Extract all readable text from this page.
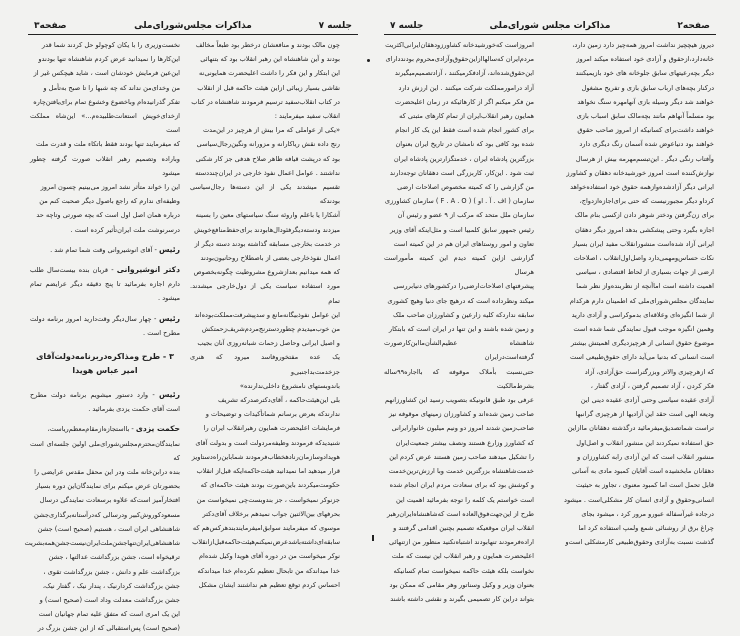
صفحه۳	مذاکرات مجلس‌شورای‌ملی	جلسه ۷

چون مالک بودند و منافعشان درخطر بود طبعاً مخالف

بودند و آین شاهنشاه این رهبر انقلاب بود که بتنهائی

این ابتکار و این فکر را داشت اعلیحضرت همایونی‌نه

نقاشی بسیار زیبائی ازاین هیئت حاکمه قبل از انقلاب

در کتاب انقلاب‌سفید ترسیم فرمودند شاهنشاه در کتاب

انقلاب سفید میفرمایند :

«یکی از عواملی که مرا بیش از هرچیز در این‌مدت

رنج داده نقش ریاکارانه و مزورانه ونگین‌رجال‌سیاسی

بود که درپشت قیافه ظاهر صلاح هدفی جز کار شکنی

نداشتند . عوامل اعمال نفوذ خارجی در ایران‌چنددسته

تقسیم میشدند یکی از این دسته‌ها رجال‌سیاسی بودندکه

آشکارا یا باعلم واروئه سنگ سیاستهای معین را بسینه

میزدند ودسته‌دیگرفئودال‌هابودند برای‌حفظ‌منافع‌خویش

در خدمت بخارجی مسابقه گذاشته بودند دسته دیگر از

اعمال نفوذخارجی بعضی از باصطلاح روحانیون‌بودند

که همه میدانیم بعدازشروع مشروطیت چگونه‌بخصوص

مورد استفاده سیاست یکی از دول‌خارجی میشدند. تمام

این عوامل نفوذبیگانه‌مانع و سدپیشرفت‌مملکت‌بوده‌اند

من خوب‌میدیدم چطوردسترنج‌مردم‌شریف‌زحمتکش

و اصیل ایرانی وحاصل زحمات شبانه‌روزی آنان بجیب

یک عده مفتخوروفاسد میرود که هنری جزخدمت‌بداجنبی‌و

باندوبستهای نامشروع داخلی‌ندارنده»

بلی این‌هیئت‌حاکمه ، آقای‌دکترصدرکه تشریف

ندارندکه بعرض برسانم شما‌تأکیدات و توضیحات و

فرمایشات اعلیحضرت همایون رهبرانقلاب ایران را

شنیدیدکه فرمودند وظیفه‌مردولت است و بدولت آقای

هویدادوسازمان‌رنادهخطاب‌فرمودند شماباین‌راه‌دستاویز

قرار میدهید اما نمیدانید هیئت‌حاکمه‌ایکه قبل‌از انقلاب

حکومت‌میکردند باین‌صورت بودند هیئت حاکمه‌ای که

جزنوکر نمیخواست ، جز بندوبست‌چی نمیخواست من

بحرفهای بین‌الاثنین جواب نمیدهم برخلاف آقای‌دکتر

موسوی که میفرمایند سوابق‌امیفرمایندبندهرکس‌هم که

سابقه‌ای‌داشته‌باشدعرض‌نمیکنم‌هیئت‌حاکمه‌قبل‌ازانقلاب

نوکر میخواست من در دوره آقای هویدا وکیل شده‌ام

خدا میداندکه من تابحال تعظیم نکرده‌ام خدا میداندکه

احساس کردم توقع تعظیم هم نداشتند ایشان مشکل

نخست‌وزیری را با یکان کوچولو حل کردند شما قدر

این‌کارها را نمیدانید عرض کردم شاهنشاه تنها بودندو

این‌عین فرمایش خودشان است ، شاید هیچکس غیر از

من وخدای‌من نداند که چه شبها را تا صبح به‌تأمل و

تفکر گذرانیده‌ام وباخضوع وخشوع تمام برای‌یافتن‌چاره

ازخدای‌خویش استعانت‌طلبیده‌م...» این‌شاه مملکت است

که میفرمایند تنها بودند فقط باتکاء ملت و قدرت ملت

وباراده وتصمیم رهبر انقلاب صورت گرفته چطور میشود

این را خواند متأثر نشد امروز می‌بینیم چسون امروز

وظیفه‌ای ندارم که راجع باصول دیگر صحبت کنم من

درباره همان اصل اول است که بچه صورتی وتاچه حد

درسرنوشت ملت ایران‌تأثیر کرده است .

رئیس - آقای انوشیروانی وقت شما تمام شد .

دکتر انوشیروانی - قربان بنده بیست‌سال طلب دارم اجازه بفرمائید تا پنج دقیقه دیگر عرایضم تمام میشود .

رئیس - چهار سال‌دیگر وقت‌دارید امروز برنامه دولت مطرح است .

۳ - طرح ومذاکره‌دربرنامه‌دولت‌آقای
امیر عباس هویدا

رئیس - وارد دستور میشویم برنامه دولت مطرح است آقای حکمت یزدی بفرمائید .

حکمت یزدی - بااستجازه‌ازمقام‌معظم‌ریاست،

نمایندگان‌محترم‌مجلس‌شورای‌ملی اولین جلسه‌ای است که

بنده درابن‌خانه ملت ودر این محفل مقدس عرایضی را

بحضورتان عرض میکنم برای نمایندگان‌این دوره بسیار

افتخارآمیز است‌که علاوه برسعادت نمایندگی درسال

مسعودکوروش‌کبیر ودرسالی که‌درآستانه‌برگذاری‌جشن

شاهنشاهی ایران است ، هستیم (صحیح است) جشن

شاهنشاهی‌ایران‌تنهاجشن‌ملت‌ایران‌نیست‌جشن‌همه‌بشریت

ترقیخواه است، جشن بزرگداشت عدالتها ، جشن

بزرگداشت علم و دانش ، جشن بزرگداشت تقوی ،

جشن بزرگداشت کردارنیک ، پندار نیک ، گفتار نیک،

جشن بزرگداشت معدلت وداد است (صحیح است) و

این یک امری است که متفق علیه تمام جهانیان است

(صحیح است) پس‌استقبالی که از این جشن بزرگ در

جلسه ۷	مذاکرات مجلس شورای‌ملی	صفحه۲

دیروز هیچچیز نداشت امروز همه‌چیز دارد زمین دارد،

خانه‌دارد،ازحقوق و آزادی خود استفاده میکند امروز

دیگر بچه‌رعیتهای سابق جلوخانه های خود بازیمیکنند

درکنار بچه‌های ارباب سابق بازی و تفریح مشغول

خواهند شد دیگر وسیله بازی آنها‌مهره سنگ نخواهد

بود مسلماً آنهاهم مانند بچه‌مالک سابق اسباب بازی

خواهند داشت‌برای کسانیکه از امروز صاحب حقوق

خواهند بود دنیاعوض شده آسمان رنگ دیگری دارد

وآفتاب رنگی دیگر . این‌تبسم‌مهرمه بیش از هرسال

نوازش‌کننده است امروز خورشیدخانه دهقان و کشاورز

ایرانی دیگر آزادشده‌وازهمه حقوق خود استفاده‌خواهد

کرد‌او دیگر مجبورنیست که حتی برای‌اجازه‌ازدواج،

برای زن‌گرفتن ودختر شوهر دادن ازکسی بنام مالک

اجازه بگیرد وحتی پیشکشی بدهد امروز دیگر دهقان

ایرانی آزاد شده‌است منشورانقلاب مفید ایران بسیار

نکات حساس‌ومهمی‌دارد واصل‌اول‌انقلاب ، اصلاحات

ارضی از جهات بسیاری از لحاظ اقتصادی ، سیاسی

اهمیت داشته است اما‌آنچه از نظربنده‌واز نظر شما

نمایندگان مجلس‌شورای‌ملی که اطمینان دارم هرکدام

از شما انگیزه‌ای وعلاقه‌ای بدموکراسی و آزادی دارید

وهمین انگیزه موجب قبول نمایندگی شما شده است

موضوع حقوق انسانی از هرچیزدیگری اهمیتش بیشتر

است انسانی که بدنیا می‌آید دارای حقوق‌طبیعی است

که ازهرچیزی والاتر وبزرگتراست حق‌آزادی، آزاد

فکر کردن ، آزاد تصمیم گرفتن ، آزادی گفتار ،

آزادی عقیده سیاسی وحتی آزادی عقیده دینی این

ودیعه الهی است حقد این آزادیها از هرچیزی گرانبها

تراست شماتصدیق‌میفرمائید درگذشته دهقانان ماازاین

حق استفاده نمیکردند این منشور انقلاب و اصل‌اول

منشور انقلاب است که این آزادی رابه کشاورزان و

دهقانان مابخشیده است آقایان کمبود مادی به آسانی

قابل تحمل است اما کمبود معنوی ، تجاوز به حیثیت

انسانی‌وحقوق و آزادی انسان کار مشکلی‌است . میشود

درجاده غیرآسفاله عبورو مرور کرد ، میشود بجای

چراغ برق از روشنائی شمع ولمپ استفاده کرد اما

گذشت نسبت به‌آزادی وحقوق‌طبیعی کارمشکلی است‌و

امروزاست که‌خورشیدخانه کشاورزودهقان‌ایرانی‌اکثریت

مردم‌ایران که‌سالها‌ازاین‌حقوق‌وآزادی‌محروم بودنددارای

این‌حقوق‌شده‌اند، آزادفکرمیکنند ، آزادتصمیم‌میگیرند

آزاد درامورمملکت شرکت میکنند . این ارزش دارد

من فکر میکنم اگر از کارهائیکه در زمان اعلیحضرت

همایون رهبر انقلاب‌ایران از تمام کارهای مثبتی که

برای کشور انجام شده است فقط این یک کار انجام

شده بود کافی بود که نامشان در تاریخ ایران بعنوان

بزرگترین پادشاه ایران ، خدمتگزارترین پادشاه ایران

ثبت شود . این‌کار، کاربزرگی است دهقانان توجه‌دارند

من گزارشی را که کمیته مخصوص اصلاحات ارضی

سازمان ( اف . آ . او ) ( F . A . O ) سازمان کشاورزی

سازمان ملل متحد که مرکب از ۹ عضو و رئیس آن

رئیس جمهور سابق کلمبیا است و مثل‌اینکه آقای وزیر

تعاون و امور روستاهای ایران هم در این کمیته است

گزارشی ازاین کمیته دیدم این کمیته مأموراست هرسال

پیشرفتهای اصلاحات‌ارضی‌را درکشورهای دنیابررسی

میکند ونظرداده است که درهیچ جای دنیا وهیچ کشوری

سابقه ندارد‌که کلیه زارعین و کشاورزان صاحب ملک

و زمین شده باشند و این تنها در ایران است که بابتکار

شاهنشاه عظیم‌الشأن‌ماابن‌کارصورت گرفته‌است‌درایران

حتی‌نسبت بأملاک موقوفه که بااجاره۹۹ساله بشرط‌مالکیت

عرفی بود طبق قانونیکه بتصویب رسید این کشاورزانهم

صاحب زمین شده‌اند و کشاورزان زمینهای موقوفه نیز

صاحب‌زمین شدند امروز دو ونیم میلیون خانوارایرانی

که کشاورز وزارع هستند ونصف بیشتر جمعیت‌ایران

را تشکیل میدهند صاحب زمین هستند عرض کردم این

خدمت‌شاهنشاه بزرگترین خدمت وبا ارزش‌ترین‌خدمت

و کوشش بود که برای سعادت مردم ایران انجام شده

است خواستم یک کلمه را توجه بفرمائید اهمیت این

طرح از این‌جهت‌فوق‌العاده است که‌شاهنشاه‌ایران‌رهبر

انقلاب ایران موقعیکه تصمیم بچنین اقدامی گرفتند و

اراده‌فرمودند تنهابودند اشتباه‌نکنید منظور من از‌تنهائی

اعلیحضرت همایون و رهبر انقلاب این نیست که ملت

نخواست بلکه هیئت حاکمه نمیخواست تمام کسانیکه

بعنوان وزیر و وکیل وسناتور وهر مقامی که ممکن بود

بتواند دراین کار تصمیمی بگیرند و نقشی داشته باشند
